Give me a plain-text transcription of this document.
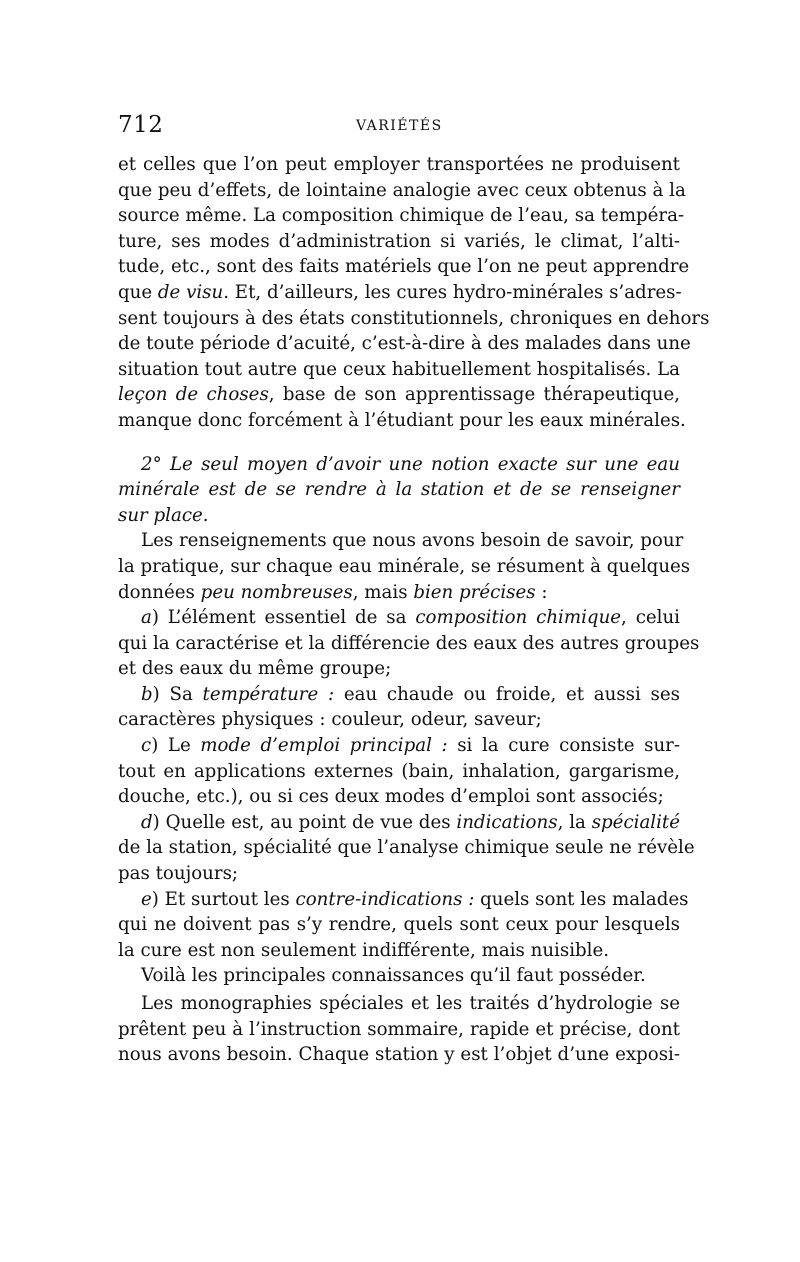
712	VARIÉTÉS
et celles que l’on peut employer transportées ne produisent
que peu d’effets, de lointaine analogie avec ceux obtenus à la
source même. La composition chimique de l’eau, sa tempéra-
ture, ses modes d’administration si variés, le climat, l’alti-
tude, etc., sont des faits matériels que l’on ne peut apprendre
que de visu. Et, d’ailleurs, les cures hydro-minérales s’adres-
sent toujours à des états constitutionnels, chroniques en dehors
de toute période d’acuité, c’est-à-dire à des malades dans une
situation tout autre que ceux habituellement hospitalisés. La
leçon de choses, base de son apprentissage thérapeutique,
manque donc forcément à l’étudiant pour les eaux minérales.
2° Le seul moyen d’avoir une notion exacte sur une eau
minérale est de se rendre à la station et de se renseigner
sur place.
Les renseignements que nous avons besoin de savoir, pour
la pratique, sur chaque eau minérale, se résument à quelques
données peu nombreuses, mais bien précises :
a) L’élément essentiel de sa composition chimique, celui
qui la caractérise et la différencie des eaux des autres groupes
et des eaux du même groupe;
b) Sa température : eau chaude ou froide, et aussi ses
caractères physiques : couleur, odeur, saveur;
c) Le mode d’emploi principal : si la cure consiste sur-
tout en applications externes (bain, inhalation, gargarisme,
douche, etc.), ou si ces deux modes d’emploi sont associés;
d) Quelle est, au point de vue des indications, la spécialité
de la station, spécialité que l’analyse chimique seule ne révèle
pas toujours;
e) Et surtout les contre-indications : quels sont les malades
qui ne doivent pas s’y rendre, quels sont ceux pour lesquels
la cure est non seulement indifférente, mais nuisible.
Voilà les principales connaissances qu’il faut posséder.
Les monographies spéciales et les traités d’hydrologie se
prêtent peu à l’instruction sommaire, rapide et précise, dont
nous avons besoin. Chaque station y est l’objet d’une exposi-
